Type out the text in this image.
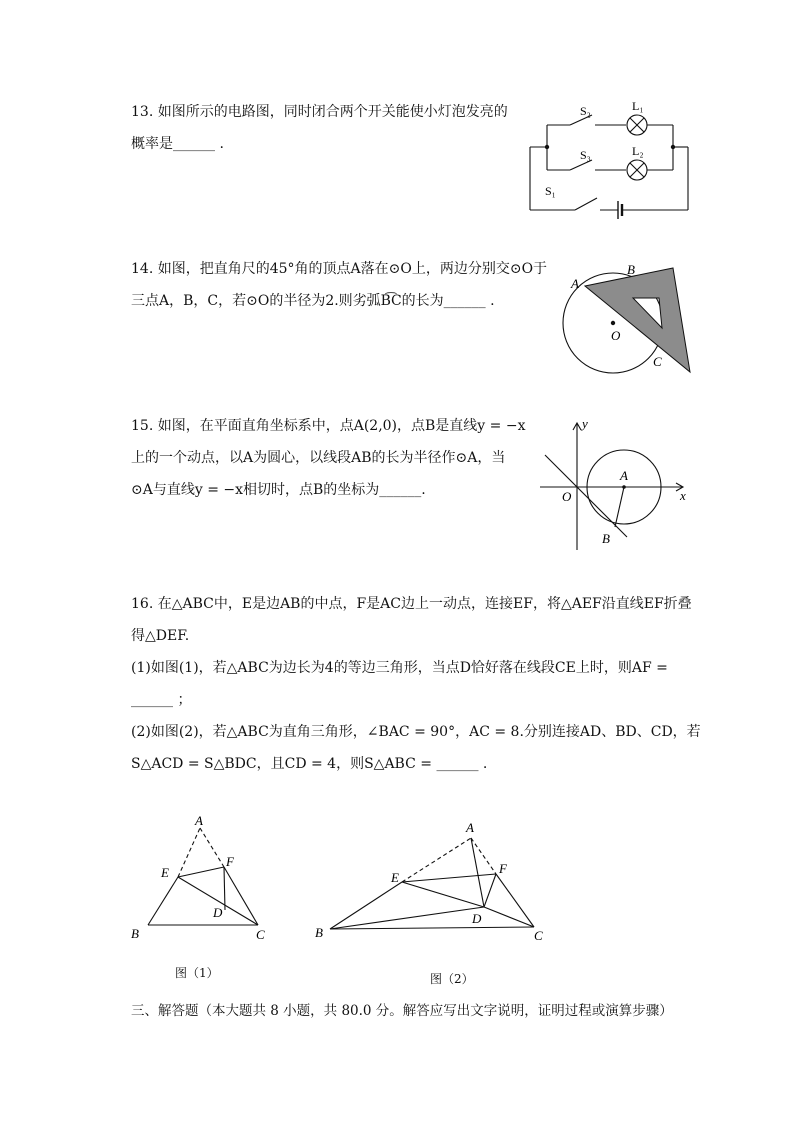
13. 如图所示的电路图，同时闭合两个开关能使小灯泡发亮的
概率是______ .
S₂	L₁
S₃	L₂
S₁
14. 如图，把直角尺的45°角的顶点A落在⊙O上，两边分别交⊙O于
三点A，B，C，若⊙O的半径为2.则劣弧B͡C的长为______ .
A
B
O
C
15. 如图，在平面直角坐标系中，点A(2,0)，点B是直线y = −x
上的一个动点，以A为圆心，以线段AB的长为半径作⊙A，当
⊙A与直线y = −x相切时，点B的坐标为______.
y
A
O	x
B
16. 在△ABC中，E是边AB的中点，F是AC边上一动点，连接EF，将△AEF沿直线EF折叠
得△DEF.
(1)如图(1)，若△ABC为边长为4的等边三角形，当点D恰好落在线段CE上时，则AF =
______ ；
(2)如图(2)，若△ABC为直角三角形，∠BAC = 90°，AC = 8.分别连接AD、BD、CD，若
S△ACD = S△BDC，且CD = 4，则S△ABC = ______ .
A
E
F
D
B	C
图（1）
A
E
F
D
B	C
图（2）
三、解答题（本大题共 8 小题，共 80.0 分。解答应写出文字说明，证明过程或演算步骤）
